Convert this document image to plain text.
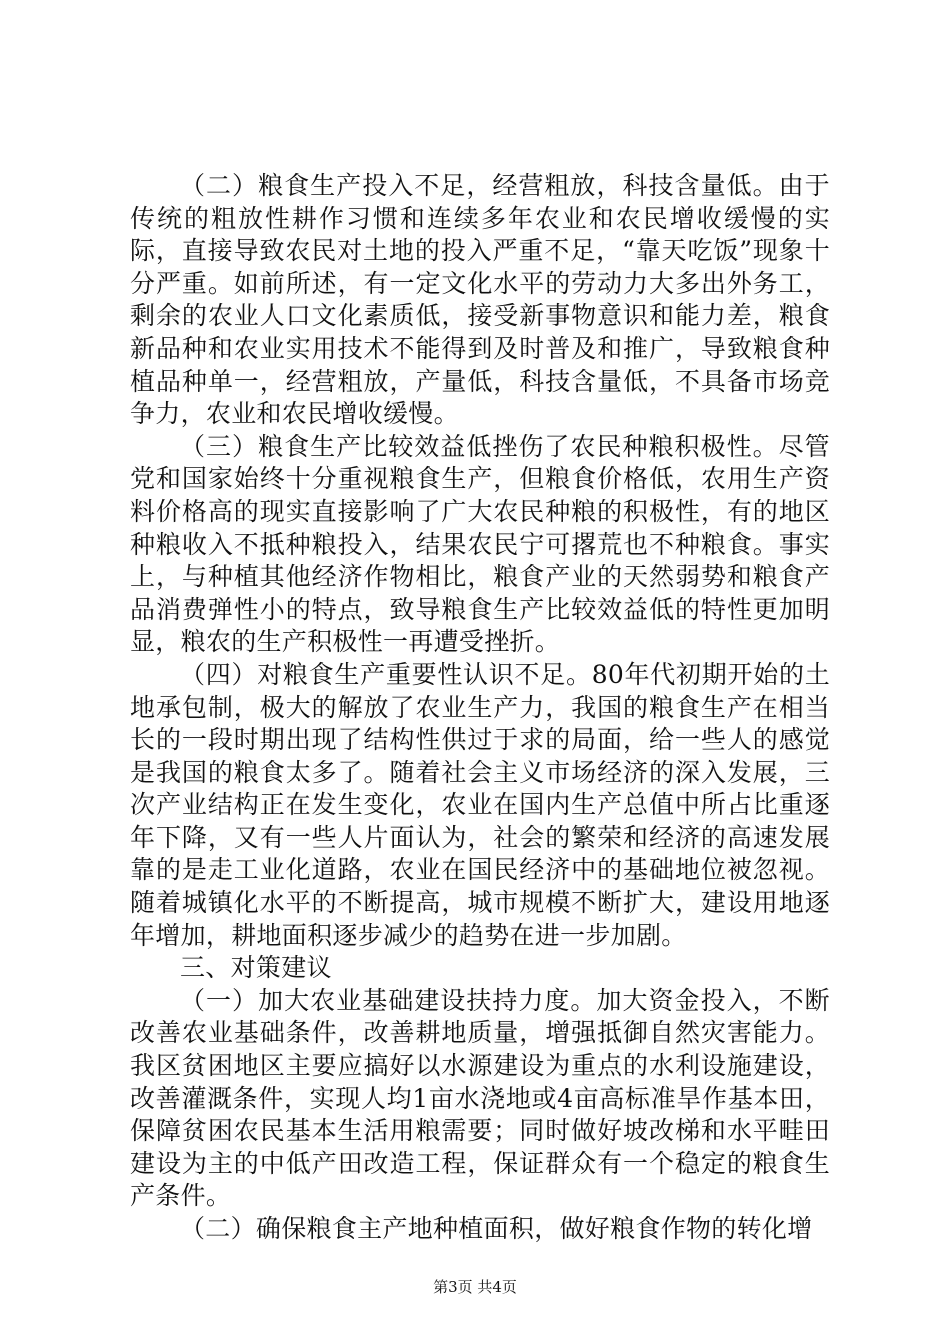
（二）粮食生产投入不足，经营粗放，科技含量低。由于传统的粗放性耕作习惯和连续多年农业和农民增收缓慢的实际，直接导致农民对土地的投入严重不足，“靠天吃饭”现象十分严重。如前所述，有一定文化水平的劳动力大多出外务工，剩余的农业人口文化素质低，接受新事物意识和能力差，粮食新品种和农业实用技术不能得到及时普及和推广，导致粮食种植品种单一，经营粗放，产量低，科技含量低，不具备市场竞争力，农业和农民增收缓慢。

（三）粮食生产比较效益低挫伤了农民种粮积极性。尽管党和国家始终十分重视粮食生产，但粮食价格低，农用生产资料价格高的现实直接影响了广大农民种粮的积极性，有的地区种粮收入不抵种粮投入，结果农民宁可撂荒也不种粮食。事实上，与种植其他经济作物相比，粮食产业的天然弱势和粮食产品消费弹性小的特点，致导粮食生产比较效益低的特性更加明显，粮农的生产积极性一再遭受挫折。

（四）对粮食生产重要性认识不足。80年代初期开始的土地承包制，极大的解放了农业生产力，我国的粮食生产在相当长的一段时期出现了结构性供过于求的局面，给一些人的感觉是我国的粮食太多了。随着社会主义市场经济的深入发展，三次产业结构正在发生变化，农业在国内生产总值中所占比重逐年下降，又有一些人片面认为，社会的繁荣和经济的高速发展靠的是走工业化道路，农业在国民经济中的基础地位被忽视。随着城镇化水平的不断提高，城市规模不断扩大，建设用地逐年增加，耕地面积逐步减少的趋势在进一步加剧。

三、对策建议

（一）加大农业基础建设扶持力度。加大资金投入，不断改善农业基础条件，改善耕地质量，增强抵御自然灾害能力。我区贫困地区主要应搞好以水源建设为重点的水利设施建设，改善灌溉条件，实现人均1亩水浇地或4亩高标准旱作基本田，保障贫困农民基本生活用粮需要；同时做好坡改梯和水平畦田建设为主的中低产田改造工程，保证群众有一个稳定的粮食生产条件。

（二）确保粮食主产地种植面积，做好粮食作物的转化增

第3页 共4页
